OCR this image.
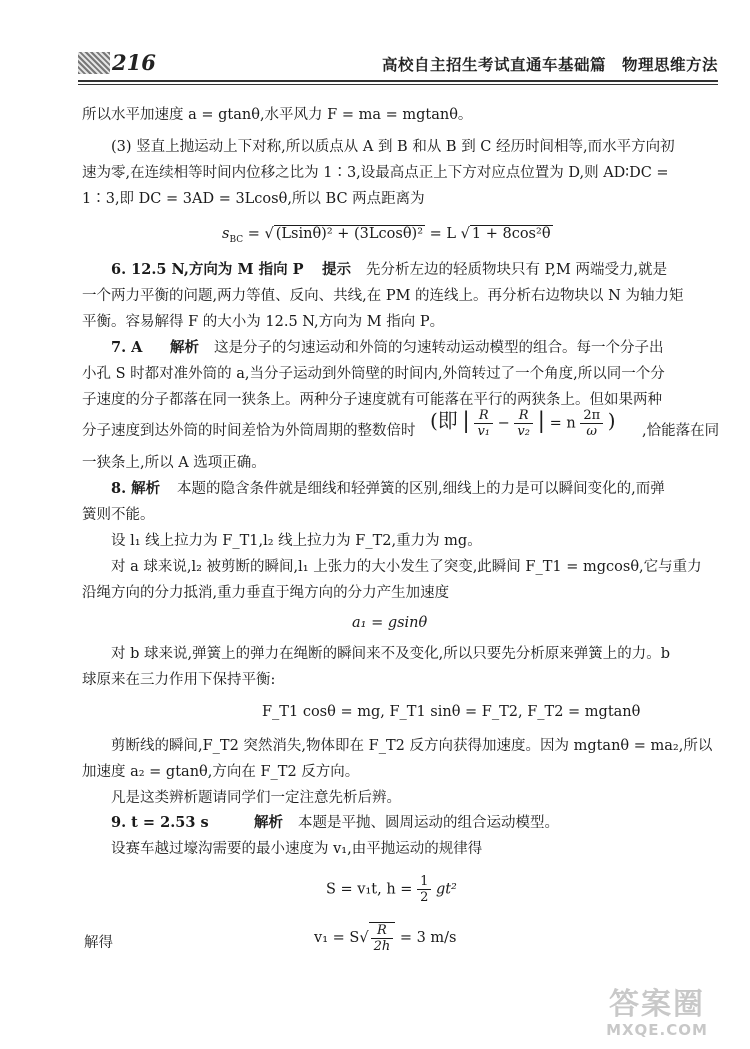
216	高校自主招生考试直通车基础篇　物理思维方法
所以水平加速度 a = gtanθ,水平风力 F = ma = mgtanθ。
(3) 竖直上抛运动上下对称,所以质点从 A 到 B 和从 B 到 C 经历时间相等,而水平方向初
速为零,在连续相等时间内位移之比为 1∶3,设最高点正上下方对应点位置为 D,则 AD∶DC =
1∶3,即 DC = 3AD = 3Lcosθ,所以 BC 两点距离为
$s_{BC}$ = √ (Lsinθ)² + (3Lcosθ)² = L √ 1 + 8cos²θ
6. 12.5 N,方向为 M 指向 P 提示 先分析左边的轻质物块只有 P,M 两端受力,就是
一个两力平衡的问题,两力等值、反向、共线,在 PM 的连线上。再分析右边物块以 N 为轴力矩
平衡。容易解得 F 的大小为 12.5 N,方向为 M 指向 P。
7. A 解析 这是分子的匀速运动和外筒的匀速转动运动模型的组合。每一个分子出
小孔 S 时都对准外筒的 a,当分子运动到外筒壁的时间内,外筒转过了一个角度,所以同一个分
子速度的分子都落在同一狭条上。两种分子速度就有可能落在平行的两狭条上。但如果两种
分子速度到达外筒的时间差恰为外筒周期的整数倍时 (即 | $\frac{R}{\text{v₁}} - \frac{R}{\text{v₂}}$ | = n $\frac{2\pi}{\omega}$ ) ,恰能落在同
一狭条上,所以 A 选项正确。
8. 解析 本题的隐含条件就是细线和轻弹簧的区别,细线上的力是可以瞬间变化的,而弹
簧则不能。
设 l₁ 线上拉力为 F_T1,l₂ 线上拉力为 F_T2,重力为 mg。
对 a 球来说,l₂ 被剪断的瞬间,l₁ 上张力的大小发生了突变,此瞬间 F_T1 = mgcosθ,它与重力
沿绳方向的分力抵消,重力垂直于绳方向的分力产生加速度
a₁ = gsinθ
对 b 球来说,弹簧上的弹力在绳断的瞬间来不及变化,所以只要先分析原来弹簧上的力。b
球原来在三力作用下保持平衡:
F_T1 cosθ = mg, F_T1 sinθ = F_T2, F_T2 = mgtanθ
剪断线的瞬间,F_T2 突然消失,物体即在 F_T2 反方向获得加速度。因为 mgtanθ = ma₂,所以
加速度 a₂ = gtanθ,方向在 F_T2 反方向。
凡是这类辨析题请同学们一定注意先析后辨。
9. t = 2.53 s	解析 本题是平抛、圆周运动的组合运动模型。
设赛车越过壕沟需要的最小速度为 v₁,由平抛运动的规律得
S = v₁t, $h = \frac{1}{2} gt^2$
解得	$v_1 = S√ \frac{R}{2h} = 3$ m/s
答案圈
MXQE.COM
